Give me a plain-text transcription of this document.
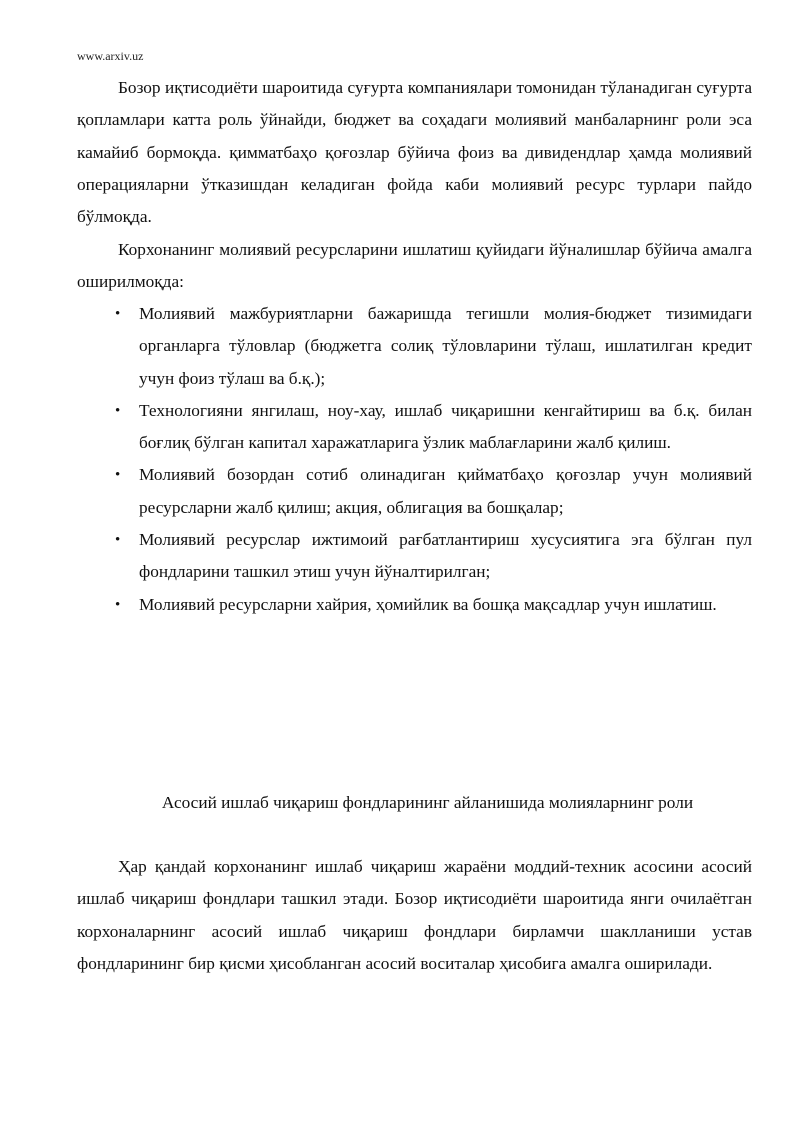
www.arxiv.uz

Бозор иқтисодиёти шароитида суғурта компаниялари томонидан тўланадиган суғурта қопламлари катта роль ўйнайди, бюджет ва соҳадаги молиявий манбаларнинг роли эса камайиб бормоқда. қимматбаҳо қоғозлар бўйича фоиз ва дивидендлар ҳамда молиявий операцияларни ўтказишдан келадиган фойда каби молиявий ресурс турлари пайдо бўлмоқда.

Корхонанинг молиявий ресурсларини ишлатиш қуйидаги йўналишлар бўйича амалга оширилмоқда:

• Молиявий мажбуриятларни бажаришда тегишли молия-бюджет тизимидаги органларга тўловлар (бюджетга солиқ тўловларини тўлаш, ишлатилган кредит учун фоиз тўлаш ва б.қ.);
• Технологияни янгилаш, ноу-хау, ишлаб чиқаришни кенгайтириш ва б.қ. билан боғлиқ бўлган капитал харажатларига ўзлик маблағларини жалб қилиш.
• Молиявий бозордан сотиб олинадиган қийматбаҳо қоғозлар учун молиявий ресурсларни жалб қилиш; акция, облигация ва бошқалар;
• Молиявий ресурслар ижтимоий рағбатлантириш хусусиятига эга бўлган пул фондларини ташкил этиш учун йўналтирилган;
• Молиявий ресурсларни хайрия, ҳомийлик ва бошқа мақсадлар учун ишлатиш.
Асосий ишлаб чиқариш фондларининг айланишида молияларнинг роли

Ҳар қандай корхонанинг ишлаб чиқариш жараёни моддий-техник асосини асосий ишлаб чиқариш фондлари ташкил этади. Бозор иқтисодиёти шароитида янги очилаётган корхоналарнинг асосий ишлаб чиқариш фондлари бирламчи шаклланиши устав фондларининг бир қисми ҳисобланган асосий воситалар ҳисобига амалга оширилади.
